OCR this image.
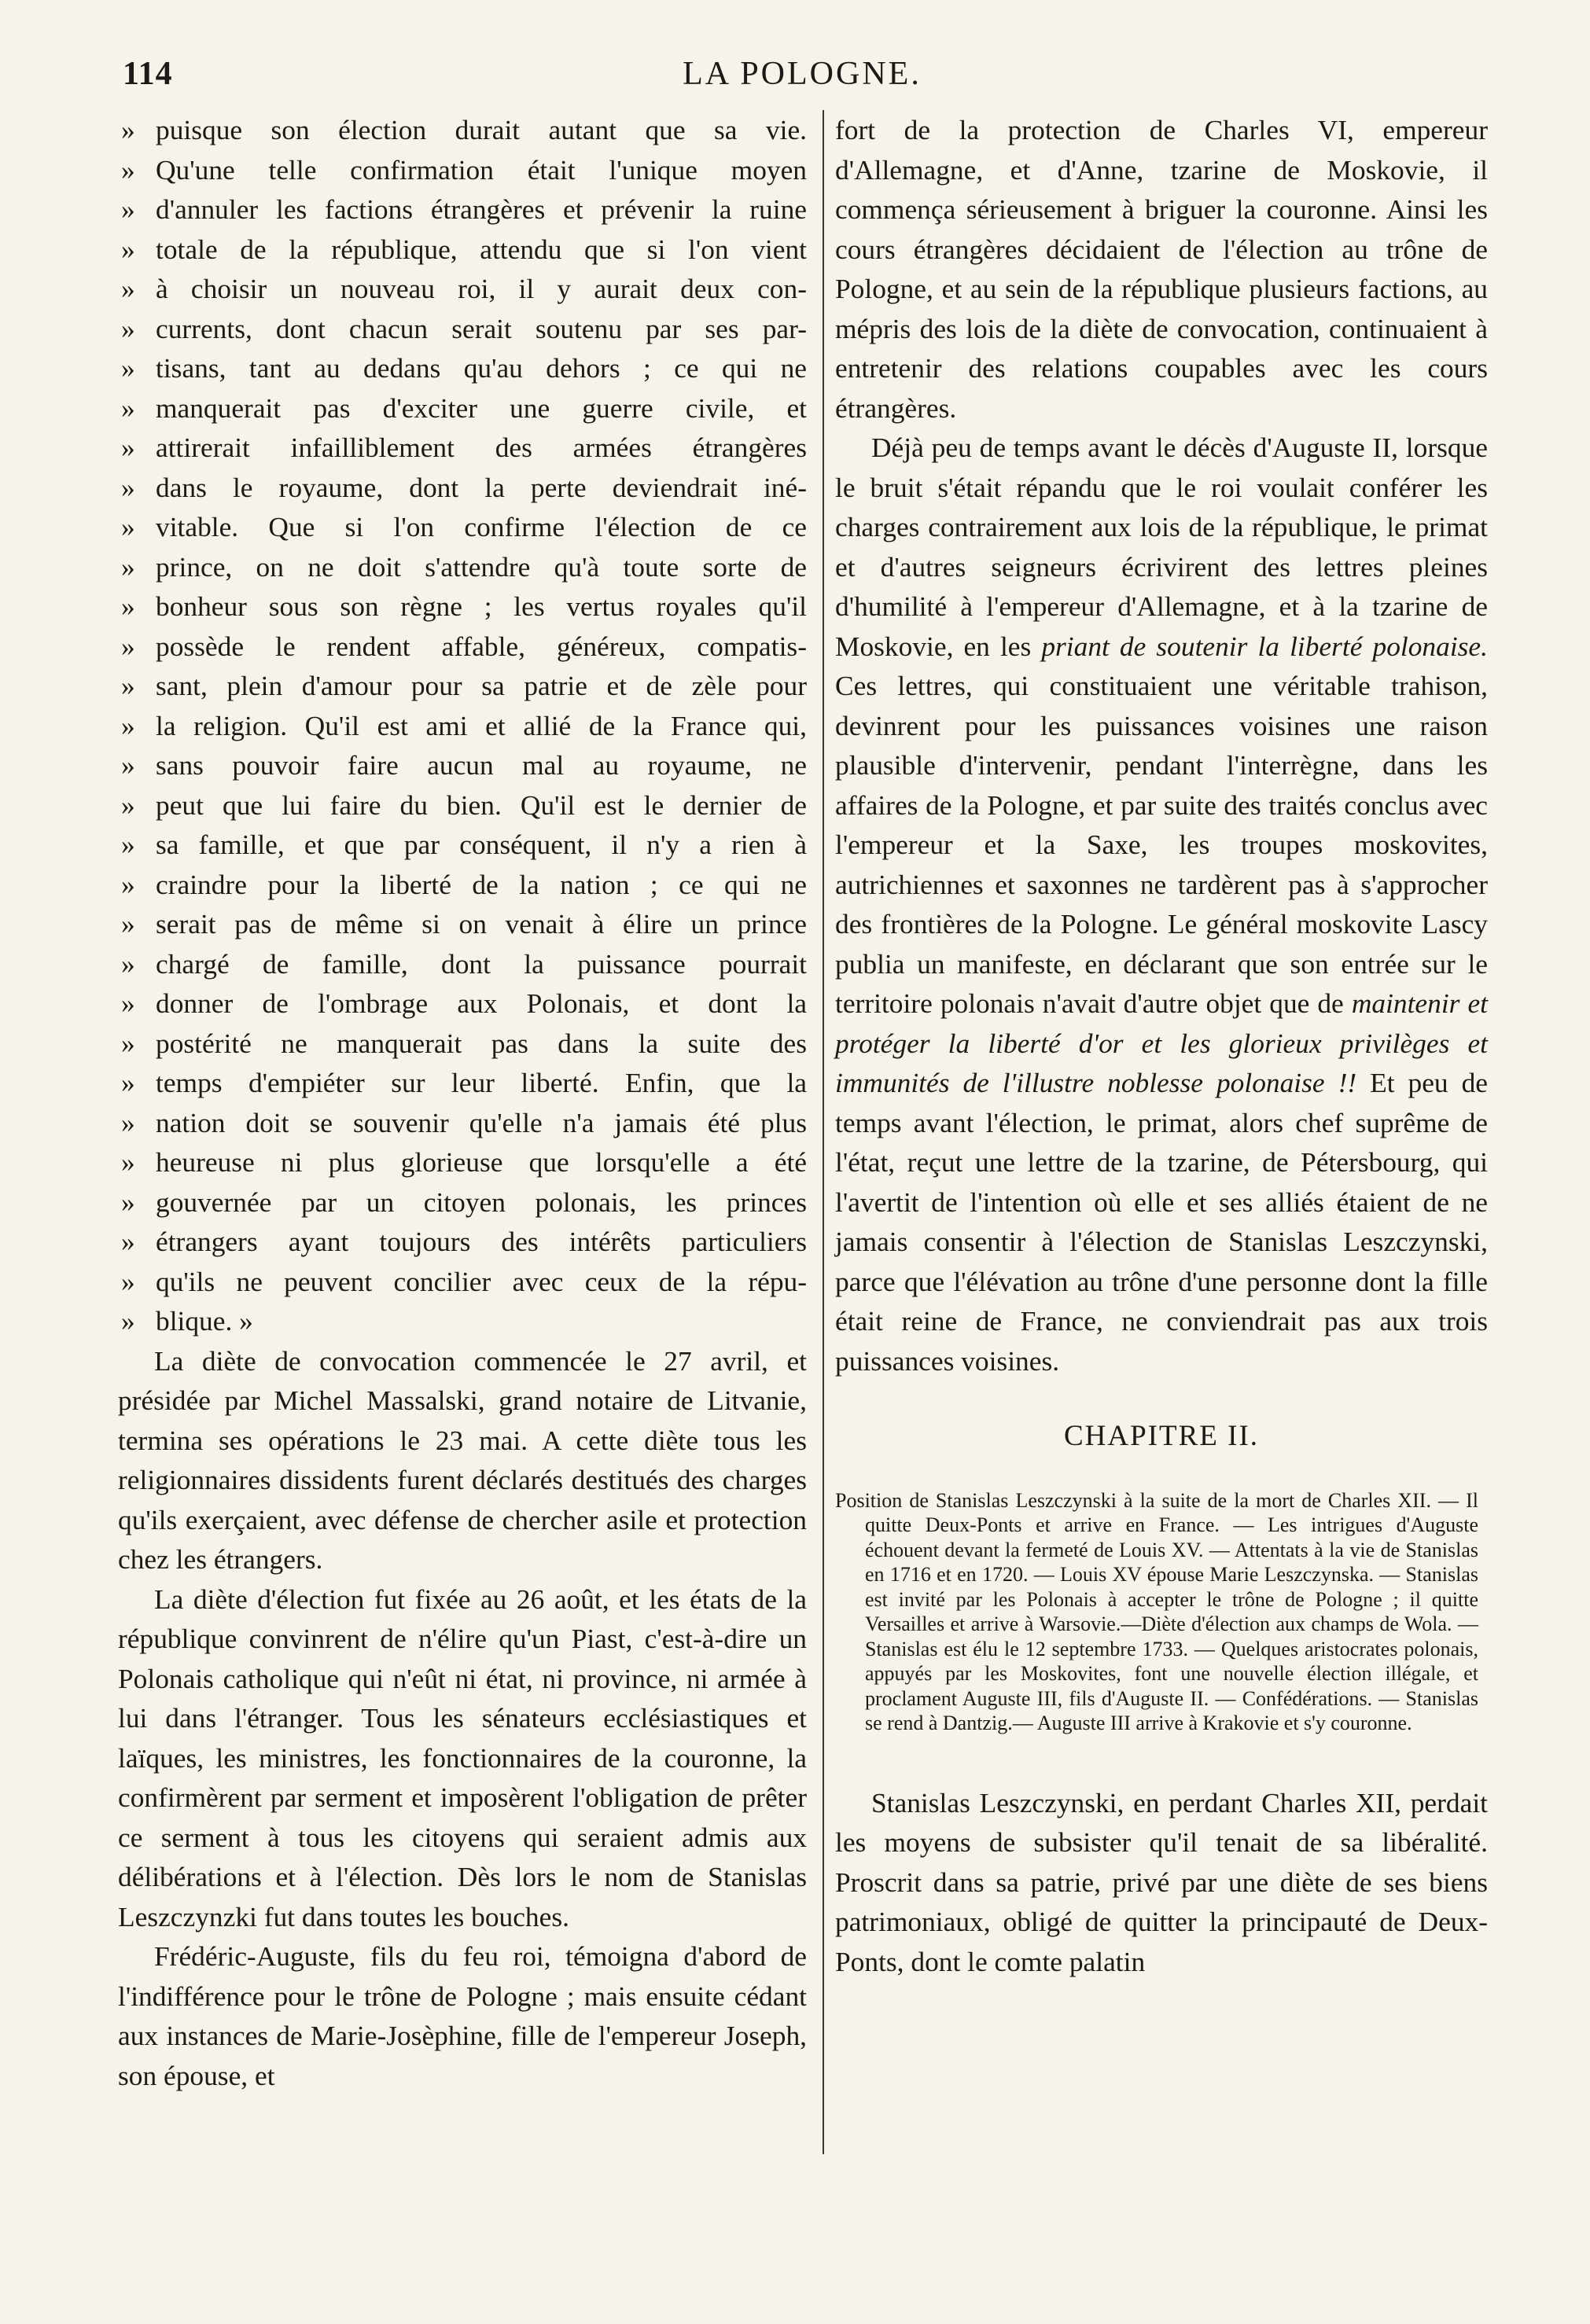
114	LA POLOGNE.
» puisque son élection durait autant que sa vie.
» Qu'une telle confirmation était l'unique moyen
» d'annuler les factions étrangères et prévenir la ruine
» totale de la république, attendu que si l'on vient
» à choisir un nouveau roi, il y aurait deux con-
» currents, dont chacun serait soutenu par ses par-
» tisans, tant au dedans qu'au dehors ; ce qui ne
» manquerait pas d'exciter une guerre civile, et
» attirerait infailliblement des armées étrangères
» dans le royaume, dont la perte deviendrait iné-
» vitable. Que si l'on confirme l'élection de ce
» prince, on ne doit s'attendre qu'à toute sorte de
» bonheur sous son règne ; les vertus royales qu'il
» possède le rendent affable, généreux, compatis-
» sant, plein d'amour pour sa patrie et de zèle pour
» la religion. Qu'il est ami et allié de la France qui,
» sans pouvoir faire aucun mal au royaume, ne
» peut que lui faire du bien. Qu'il est le dernier de
» sa famille, et que par conséquent, il n'y a rien à
» craindre pour la liberté de la nation ; ce qui ne
» serait pas de même si on venait à élire un prince
» chargé de famille, dont la puissance pourrait
» donner de l'ombrage aux Polonais, et dont la
» postérité ne manquerait pas dans la suite des
» temps d'empiéter sur leur liberté. Enfin, que la
» nation doit se souvenir qu'elle n'a jamais été plus
» heureuse ni plus glorieuse que lorsqu'elle a été
» gouvernée par un citoyen polonais, les princes
» étrangers ayant toujours des intérêts particuliers
» qu'ils ne peuvent concilier avec ceux de la répu-
» blique. »

La diète de convocation commencée le 27 avril, et présidée par Michel Massalski, grand notaire de Litvanie, termina ses opérations le 23 mai. A cette diète tous les religionnaires dissidents furent déclarés destitués des charges qu'ils exerçaient, avec défense de chercher asile et protection chez les étrangers.

La diète d'élection fut fixée au 26 août, et les états de la république convinrent de n'élire qu'un Piast, c'est-à-dire un Polonais catholique qui n'eût ni état, ni province, ni armée à lui dans l'étranger. Tous les sénateurs ecclésiastiques et laïques, les ministres, les fonctionnaires de la couronne, la confirmèrent par serment et imposèrent l'obligation de prêter ce serment à tous les citoyens qui seraient admis aux délibérations et à l'élection. Dès lors le nom de Stanislas Leszczynzki fut dans toutes les bouches.

Frédéric-Auguste, fils du feu roi, témoigna d'abord de l'indifférence pour le trône de Pologne ; mais ensuite cédant aux instances de Marie-Josèphine, fille de l'empereur Joseph, son épouse, et

fort de la protection de Charles VI, empereur d'Allemagne, et d'Anne, tzarine de Moskovie, il commença sérieusement à briguer la couronne. Ainsi les cours étrangères décidaient de l'élection au trône de Pologne, et au sein de la république plusieurs factions, au mépris des lois de la diète de convocation, continuaient à entretenir des relations coupables avec les cours étrangères.

Déjà peu de temps avant le décès d'Auguste II, lorsque le bruit s'était répandu que le roi voulait conférer les charges contrairement aux lois de la république, le primat et d'autres seigneurs écrivirent des lettres pleines d'humilité à l'empereur d'Allemagne, et à la tzarine de Moskovie, en les priant de soutenir la liberté polonaise. Ces lettres, qui constituaient une véritable trahison, devinrent pour les puissances voisines une raison plausible d'intervenir, pendant l'interrègne, dans les affaires de la Pologne, et par suite des traités conclus avec l'empereur et la Saxe, les troupes moskovites, autrichiennes et saxonnes ne tardèrent pas à s'approcher des frontières de la Pologne. Le général moskovite Lascy publia un manifeste, en déclarant que son entrée sur le territoire polonais n'avait d'autre objet que de maintenir et protéger la liberté d'or et les glorieux privilèges et immunités de l'illustre noblesse polonaise !! Et peu de temps avant l'élection, le primat, alors chef suprême de l'état, reçut une lettre de la tzarine, de Pétersbourg, qui l'avertit de l'intention où elle et ses alliés étaient de ne jamais consentir à l'élection de Stanislas Leszczynski, parce que l'élévation au trône d'une personne dont la fille était reine de France, ne conviendrait pas aux trois puissances voisines.

CHAPITRE II.

Position de Stanislas Leszczynski à la suite de la mort de Charles XII. — Il quitte Deux-Ponts et arrive en France. — Les intrigues d'Auguste échouent devant la fermeté de Louis XV. — Attentats à la vie de Stanislas en 1716 et en 1720. — Louis XV épouse Marie Leszczynska. — Stanislas est invité par les Polonais à accepter le trône de Pologne ; il quitte Versailles et arrive à Warsovie.—Diète d'élection aux champs de Wola. — Stanislas est élu le 12 septembre 1733. — Quelques aristocrates polonais, appuyés par les Moskovites, font une nouvelle élection illégale, et proclament Auguste III, fils d'Auguste II. — Confédérations. — Stanislas se rend à Dantzig.— Auguste III arrive à Krakovie et s'y couronne.

Stanislas Leszczynski, en perdant Charles XII, perdait les moyens de subsister qu'il tenait de sa libéralité. Proscrit dans sa patrie, privé par une diète de ses biens patrimoniaux, obligé de quitter la principauté de Deux-Ponts, dont le comte palatin
